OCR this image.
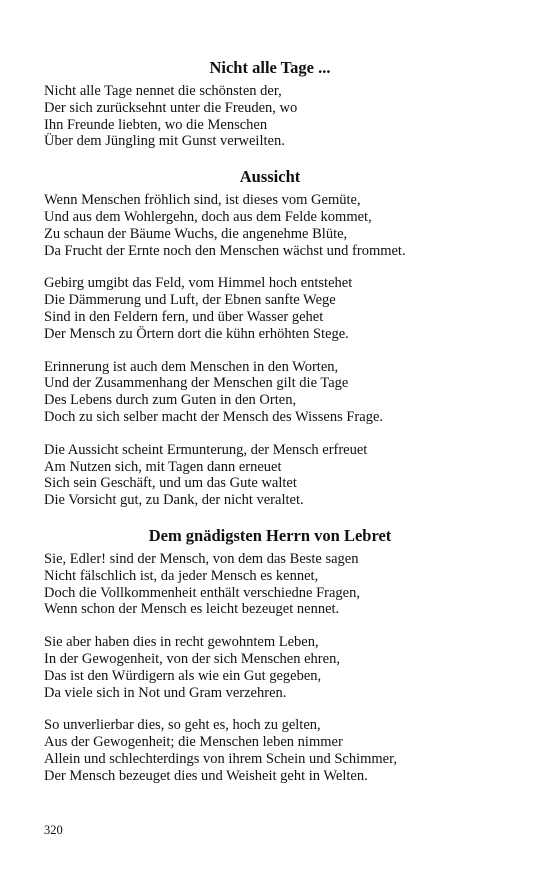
Nicht alle Tage ...
Nicht alle Tage nennet die schönsten der,
Der sich zurücksehnt unter die Freuden, wo
Ihn Freunde liebten, wo die Menschen
Über dem Jüngling mit Gunst verweilten.
Aussicht
Wenn Menschen fröhlich sind, ist dieses vom Gemüte,
Und aus dem Wohlergehn, doch aus dem Felde kommet,
Zu schaun der Bäume Wuchs, die angenehme Blüte,
Da Frucht der Ernte noch den Menschen wächst und frommet.
Gebirg umgibt das Feld, vom Himmel hoch entstehet
Die Dämmerung und Luft, der Ebnen sanfte Wege
Sind in den Feldern fern, und über Wasser gehet
Der Mensch zu Örtern dort die kühn erhöhten Stege.
Erinnerung ist auch dem Menschen in den Worten,
Und der Zusammenhang der Menschen gilt die Tage
Des Lebens durch zum Guten in den Orten,
Doch zu sich selber macht der Mensch des Wissens Frage.
Die Aussicht scheint Ermunterung, der Mensch erfreuet
Am Nutzen sich, mit Tagen dann erneuet
Sich sein Geschäft, und um das Gute waltet
Die Vorsicht gut, zu Dank, der nicht veraltet.
Dem gnädigsten Herrn von Lebret
Sie, Edler! sind der Mensch, von dem das Beste sagen
Nicht fälschlich ist, da jeder Mensch es kennet,
Doch die Vollkommenheit enthält verschiedne Fragen,
Wenn schon der Mensch es leicht bezeuget nennet.
Sie aber haben dies in recht gewohntem Leben,
In der Gewogenheit, von der sich Menschen ehren,
Das ist den Würdigern als wie ein Gut gegeben,
Da viele sich in Not und Gram verzehren.
So unverlierbar dies, so geht es, hoch zu gelten,
Aus der Gewogenheit; die Menschen leben nimmer
Allein und schlechterdings von ihrem Schein und Schimmer,
Der Mensch bezeuget dies und Weisheit geht in Welten.
320
